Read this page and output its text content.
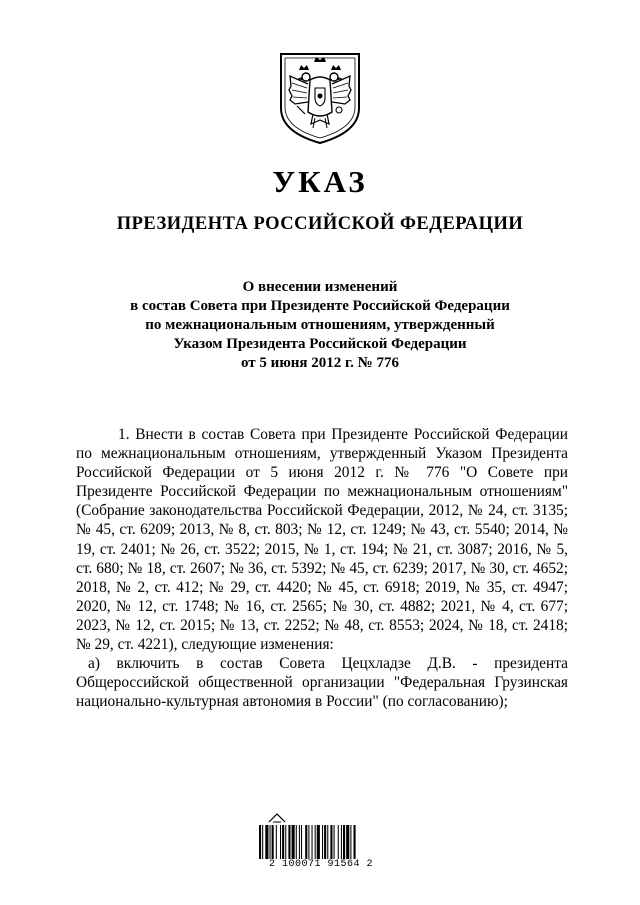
УКАЗ
ПРЕЗИДЕНТА РОССИЙСКОЙ ФЕДЕРАЦИИ
О внесении изменений
в состав Совета при Президенте Российской Федерации
по межнациональным отношениям, утвержденный
Указом Президента Российской Федерации
от 5 июня 2012 г. № 776
1. Внести в состав Совета при Президенте Российской Федерации по межнациональным отношениям, утвержденный Указом Президента Российской Федерации от 5 июня 2012 г. № 776 "О Совете при Президенте Российской Федерации по межнациональным отношениям" (Собрание законодательства Российской Федерации, 2012, № 24, ст. 3135; № 45, ст. 6209; 2013, № 8, ст. 803; № 12, ст. 1249; № 43, ст. 5540; 2014, № 19, ст. 2401; № 26, ст. 3522; 2015, № 1, ст. 194; № 21, ст. 3087; 2016, № 5, ст. 680; № 18, ст. 2607; № 36, ст. 5392; № 45, ст. 6239; 2017, № 30, ст. 4652; 2018, № 2, ст. 412; № 29, ст. 4420; № 45, ст. 6918; 2019, № 35, ст. 4947; 2020, № 12, ст. 1748; № 16, ст. 2565; № 30, ст. 4882; 2021, № 4, ст. 677; 2023, № 12, ст. 2015; № 13, ст. 2252; № 48, ст. 8553; 2024, № 18, ст. 2418; № 29, ст. 4221), следующие изменения:
а) включить в состав Совета Цецхладзе Д.В. - президента Общероссийской общественной организации "Федеральная Грузинская национально-культурная автономия в России" (по согласованию);
2 100071 91564 2
